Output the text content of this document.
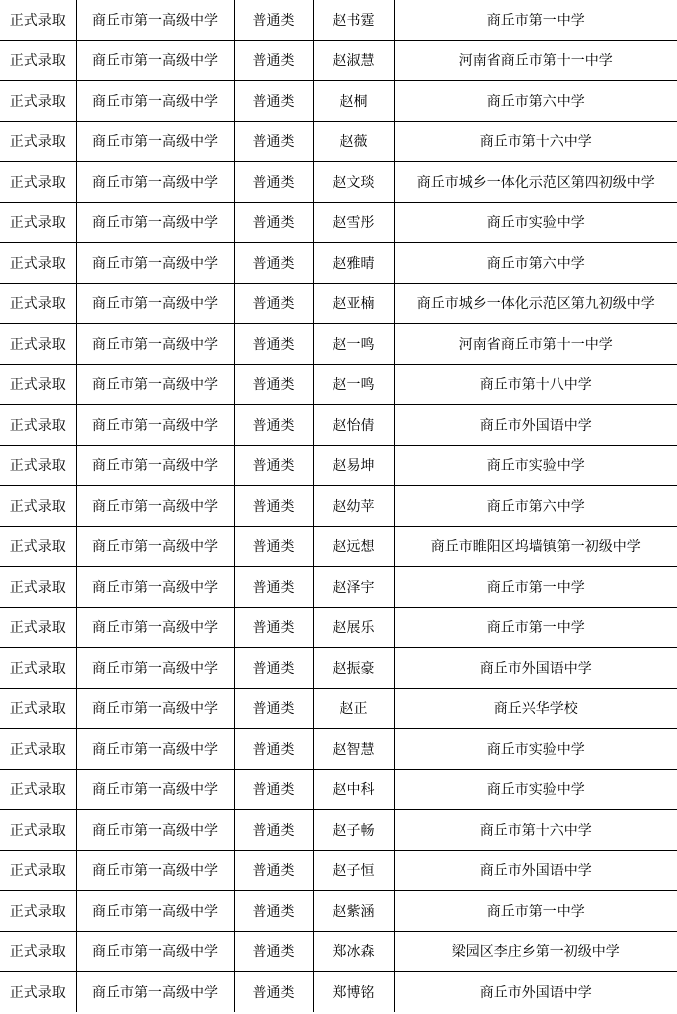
正式录取	商丘市第一高级中学	普通类	赵书霆	商丘市第一中学
正式录取	商丘市第一高级中学	普通类	赵淑慧	河南省商丘市第十一中学
正式录取	商丘市第一高级中学	普通类	赵桐	商丘市第六中学
正式录取	商丘市第一高级中学	普通类	赵薇	商丘市第十六中学
正式录取	商丘市第一高级中学	普通类	赵文琰	商丘市城乡一体化示范区第四初级中学
正式录取	商丘市第一高级中学	普通类	赵雪彤	商丘市实验中学
正式录取	商丘市第一高级中学	普通类	赵雅晴	商丘市第六中学
正式录取	商丘市第一高级中学	普通类	赵亚楠	商丘市城乡一体化示范区第九初级中学
正式录取	商丘市第一高级中学	普通类	赵一鸣	河南省商丘市第十一中学
正式录取	商丘市第一高级中学	普通类	赵一鸣	商丘市第十八中学
正式录取	商丘市第一高级中学	普通类	赵怡倩	商丘市外国语中学
正式录取	商丘市第一高级中学	普通类	赵易坤	商丘市实验中学
正式录取	商丘市第一高级中学	普通类	赵幼苹	商丘市第六中学
正式录取	商丘市第一高级中学	普通类	赵远想	商丘市睢阳区坞墙镇第一初级中学
正式录取	商丘市第一高级中学	普通类	赵泽宇	商丘市第一中学
正式录取	商丘市第一高级中学	普通类	赵展乐	商丘市第一中学
正式录取	商丘市第一高级中学	普通类	赵振豪	商丘市外国语中学
正式录取	商丘市第一高级中学	普通类	赵正	商丘兴华学校
正式录取	商丘市第一高级中学	普通类	赵智慧	商丘市实验中学
正式录取	商丘市第一高级中学	普通类	赵中科	商丘市实验中学
正式录取	商丘市第一高级中学	普通类	赵子畅	商丘市第十六中学
正式录取	商丘市第一高级中学	普通类	赵子恒	商丘市外国语中学
正式录取	商丘市第一高级中学	普通类	赵紫涵	商丘市第一中学
正式录取	商丘市第一高级中学	普通类	郑冰森	梁园区李庄乡第一初级中学
正式录取	商丘市第一高级中学	普通类	郑博铭	商丘市外国语中学
